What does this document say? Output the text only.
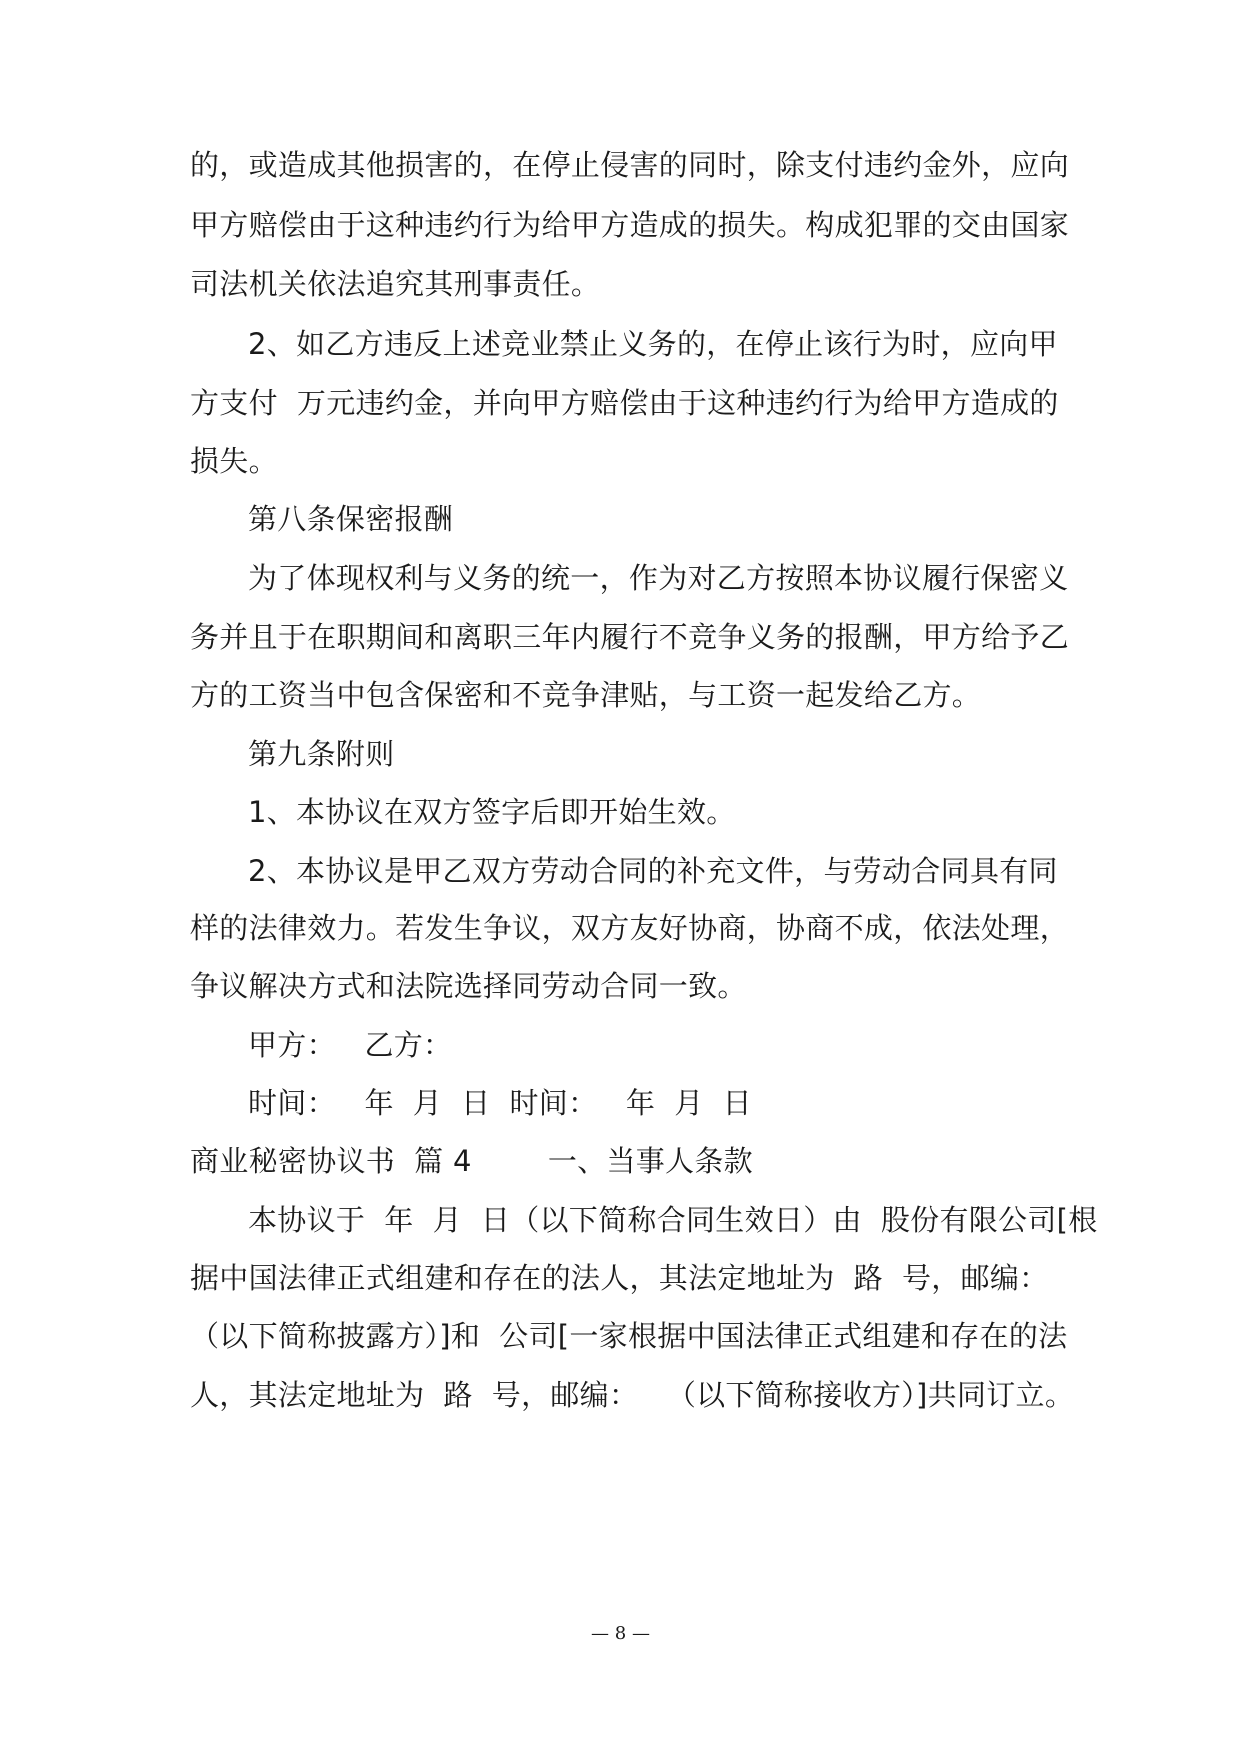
的，或造成其他损害的，在停止侵害的同时，除支付违约金外，应向
甲方赔偿由于这种违约行为给甲方造成的损失。构成犯罪的交由国家
司法机关依法追究其刑事责任。
2、如乙方违反上述竞业禁止义务的，在停止该行为时，应向甲
方支付  万元违约金，并向甲方赔偿由于这种违约行为给甲方造成的
损失。
第八条保密报酬
为了体现权利与义务的统一，作为对乙方按照本协议履行保密义
务并且于在职期间和离职三年内履行不竞争义务的报酬，甲方给予乙
方的工资当中包含保密和不竞争津贴，与工资一起发给乙方。
第九条附则
1、本协议在双方签字后即开始生效。
2、本协议是甲乙双方劳动合同的补充文件，与劳动合同具有同
样的法律效力。若发生争议，双方友好协商，协商不成，依法处理，
争议解决方式和法院选择同劳动合同一致。
甲方：   乙方：
时间：   年  月  日  时间：   年  月  日
商业秘密协议书  篇 4        一、当事人条款
本协议于  年  月  日（以下简称合同生效日）由  股份有限公司[根
据中国法律正式组建和存在的法人，其法定地址为  路  号，邮编：
（以下简称披露方）]和  公司[一家根据中国法律正式组建和存在的法
人，其法定地址为  路  号，邮编：   （以下简称接收方）]共同订立。
— 8 —
